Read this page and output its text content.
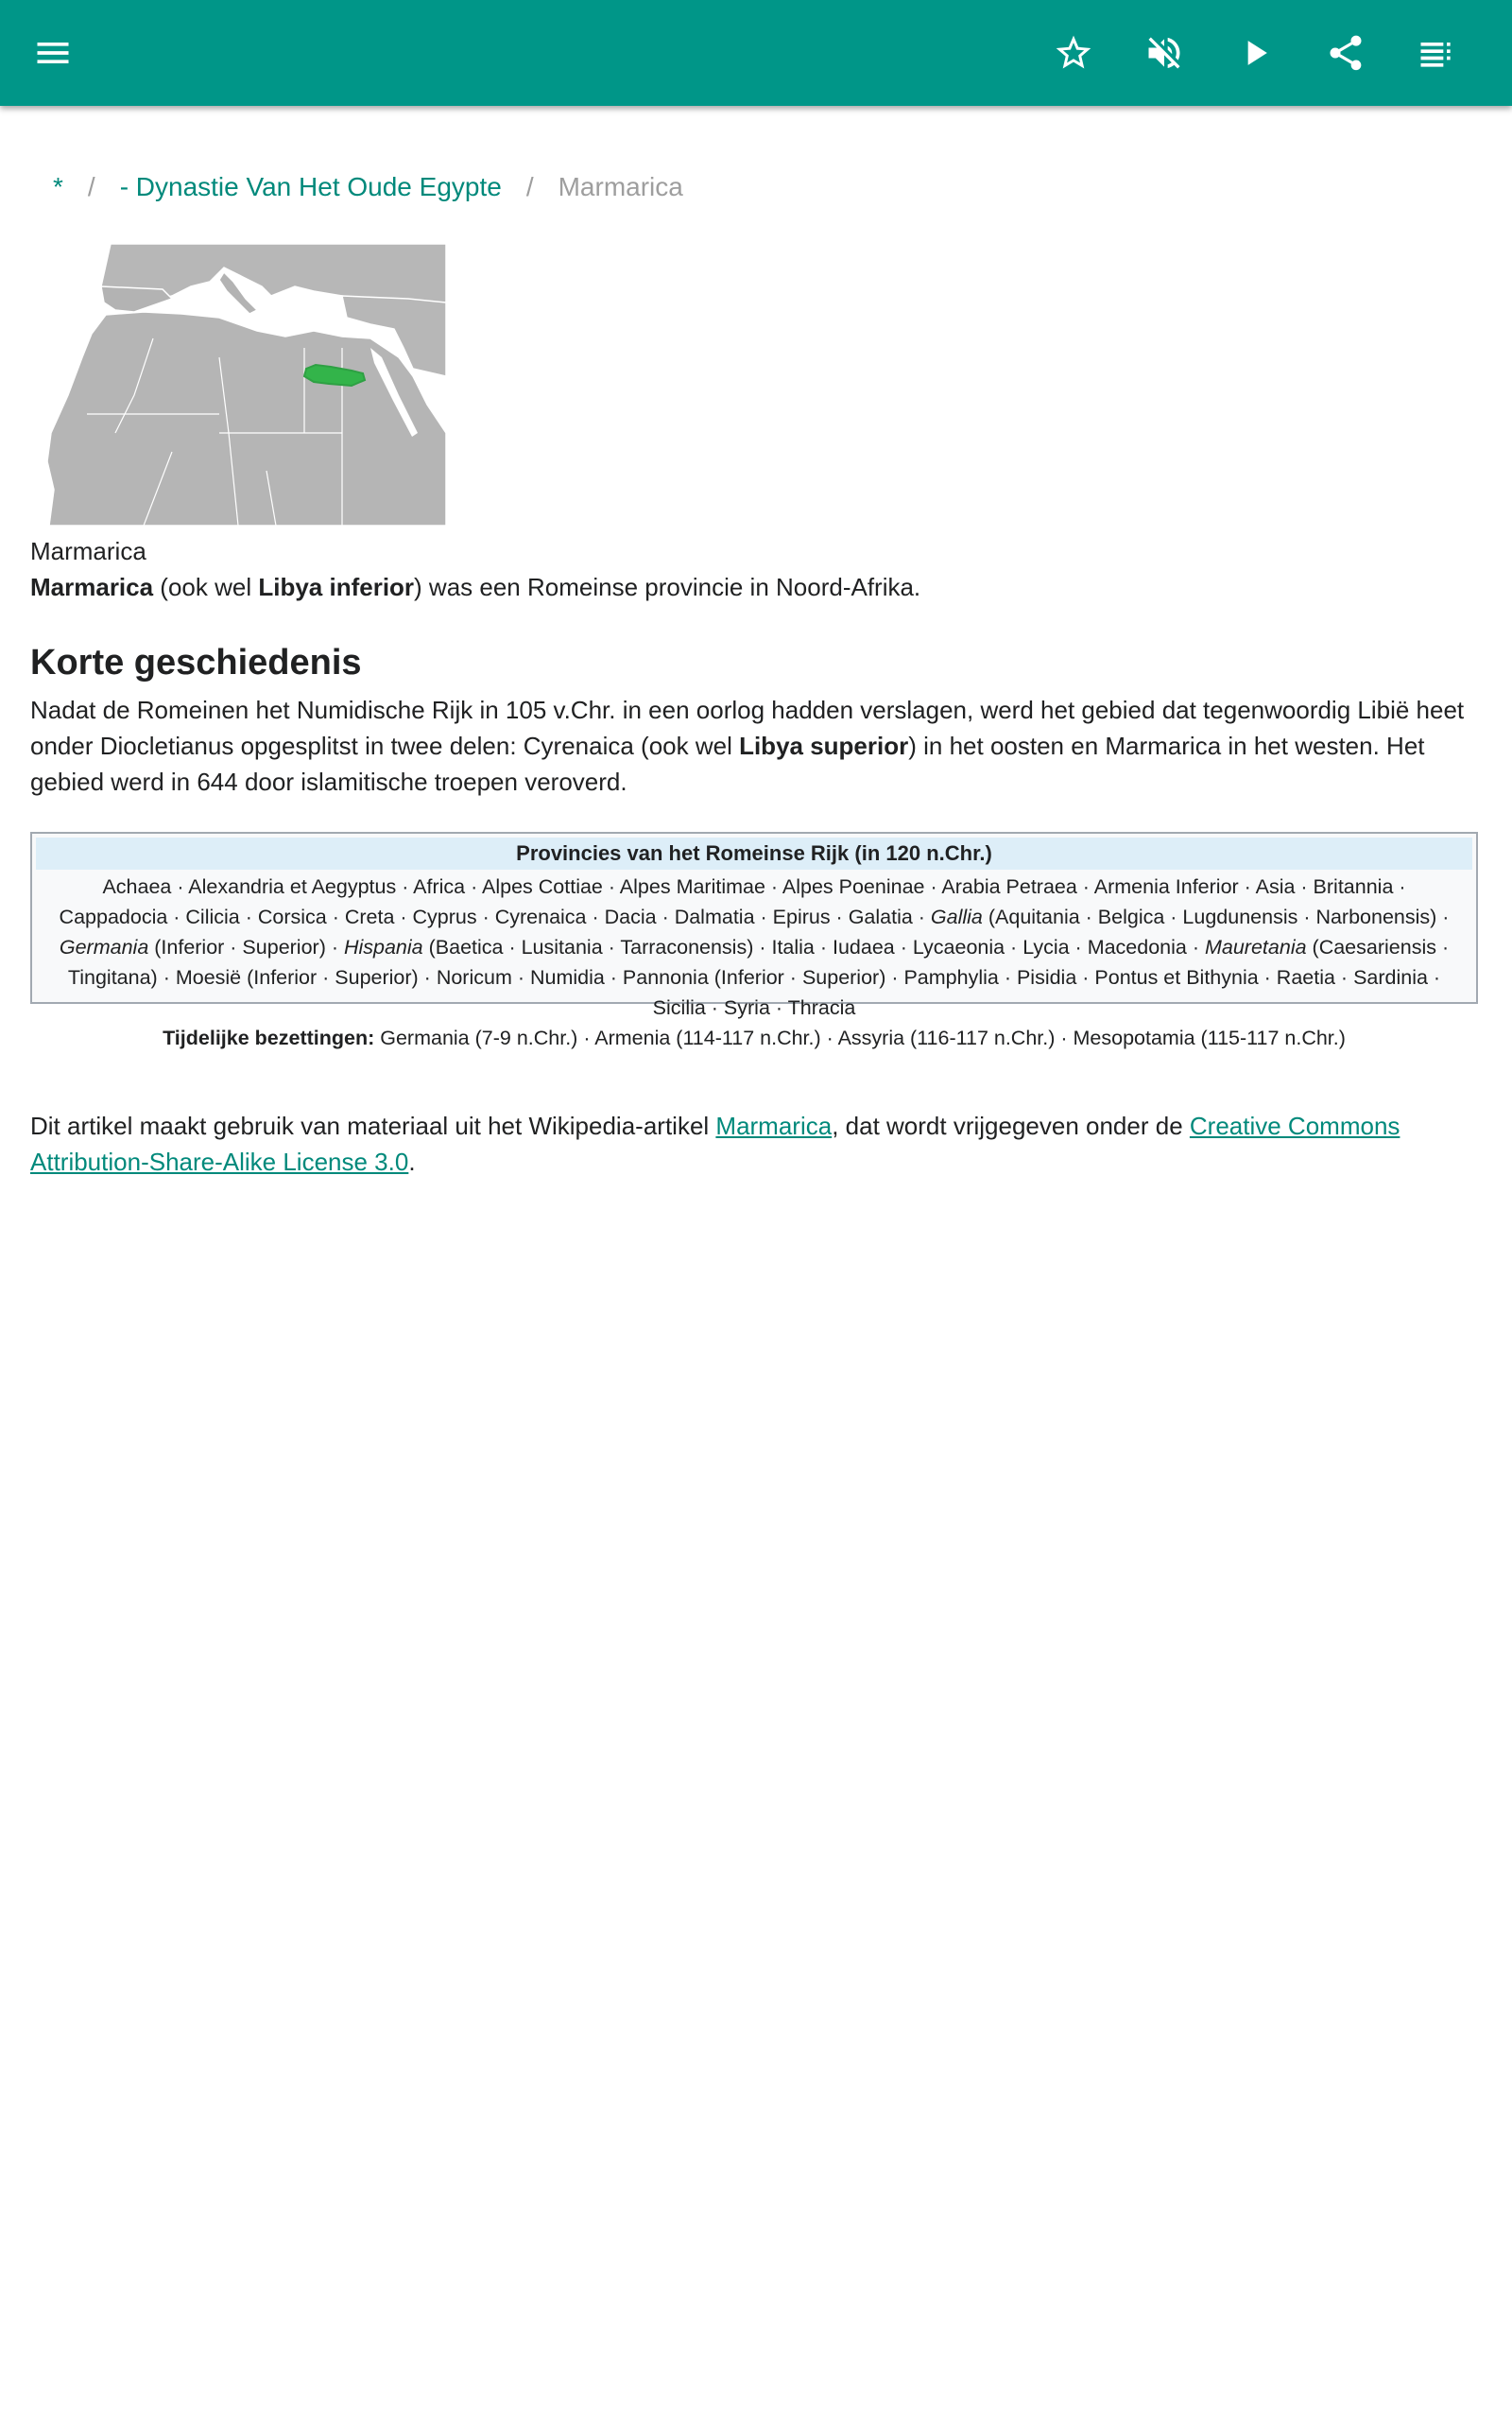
* / - Dynastie Van Het Oude Egypte / Marmarica
Marmarica
Marmarica (ook wel Libya inferior) was een Romeinse provincie in Noord-Afrika.
Korte geschiedenis

Nadat de Romeinen het Numidische Rijk in 105 v.Chr. in een oorlog hadden verslagen, werd het gebied dat tegenwoordig Libië heet onder Diocletianus opgesplitst in twee delen: Cyrenaica (ook wel Libya superior) in het oosten en Marmarica in het westen. Het gebied werd in 644 door islamitische troepen veroverd.

Provincies van het Romeinse Rijk (in 120 n.Chr.)
Achaea · Alexandria et Aegyptus · Africa · Alpes Cottiae · Alpes Maritimae · Alpes Poeninae · Arabia Petraea · Armenia Inferior · Asia · Britannia ·
Cappadocia · Cilicia · Corsica · Creta · Cyprus · Cyrenaica · Dacia · Dalmatia · Epirus · Galatia · Gallia (Aquitania · Belgica · Lugdunensis · Narbonensis) ·
Germania (Inferior · Superior) · Hispania (Baetica · Lusitania · Tarraconensis) · Italia · Iudaea · Lycaeonia · Lycia · Macedonia · Mauretania (Caesariensis ·
Tingitana) · Moesië (Inferior · Superior) · Noricum · Numidia · Pannonia (Inferior · Superior) · Pamphylia · Pisidia · Pontus et Bithynia · Raetia · Sardinia ·
Sicilia · Syria · Thracia
Tijdelijke bezettingen: Germania (7-9 n.Chr.) · Armenia (114-117 n.Chr.) · Assyria (116-117 n.Chr.) · Mesopotamia (115-117 n.Chr.)

Dit artikel maakt gebruik van materiaal uit het Wikipedia-artikel Marmarica, dat wordt vrijgegeven onder de Creative Commons Attribution-Share-Alike License 3.0.
